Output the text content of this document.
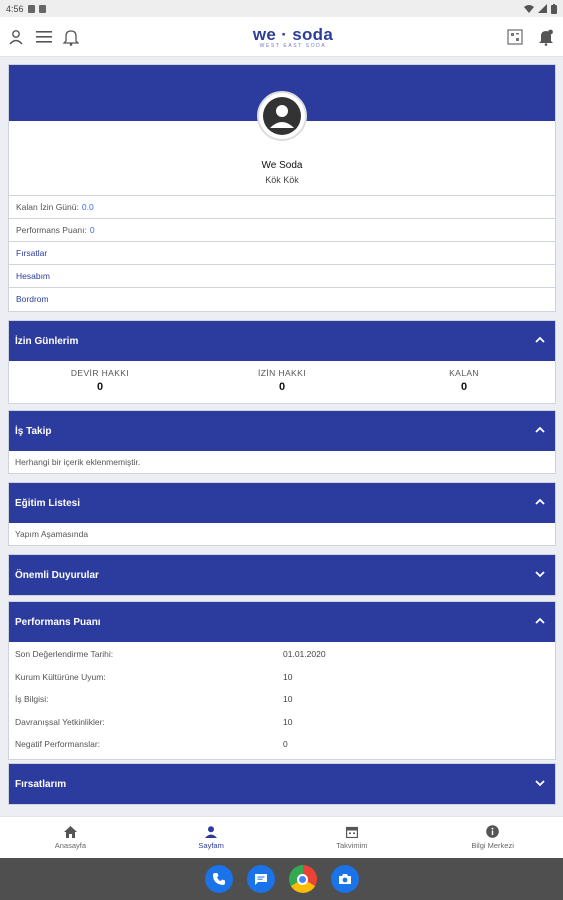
4:56
we · soda
WEST EAST SODA
We Soda
Kök Kök
Kalan İzin Günü: 0.0
Performans Puanı: 0
Fırsatlar
Hesabım
Bordrom
İzin Günlerim
DEVİR HAKKI
0
İZİN HAKKI
0
KALAN
0
İş Takip
Herhangi bir içerik eklenmemiştir.
Eğitim Listesi
Yapım Aşamasında
Önemli Duyurular
Performans Puanı
Son Değerlendirme Tarihi:	01.01.2020
Kurum Kültürüne Uyum:	10
İş Bilgisi:	10
Davranışsal Yetkinlikler:	10
Negatif Performanslar:	0
Fırsatlarım
Anasayfa	Sayfam	Takvimim	Bilgi Merkezi
